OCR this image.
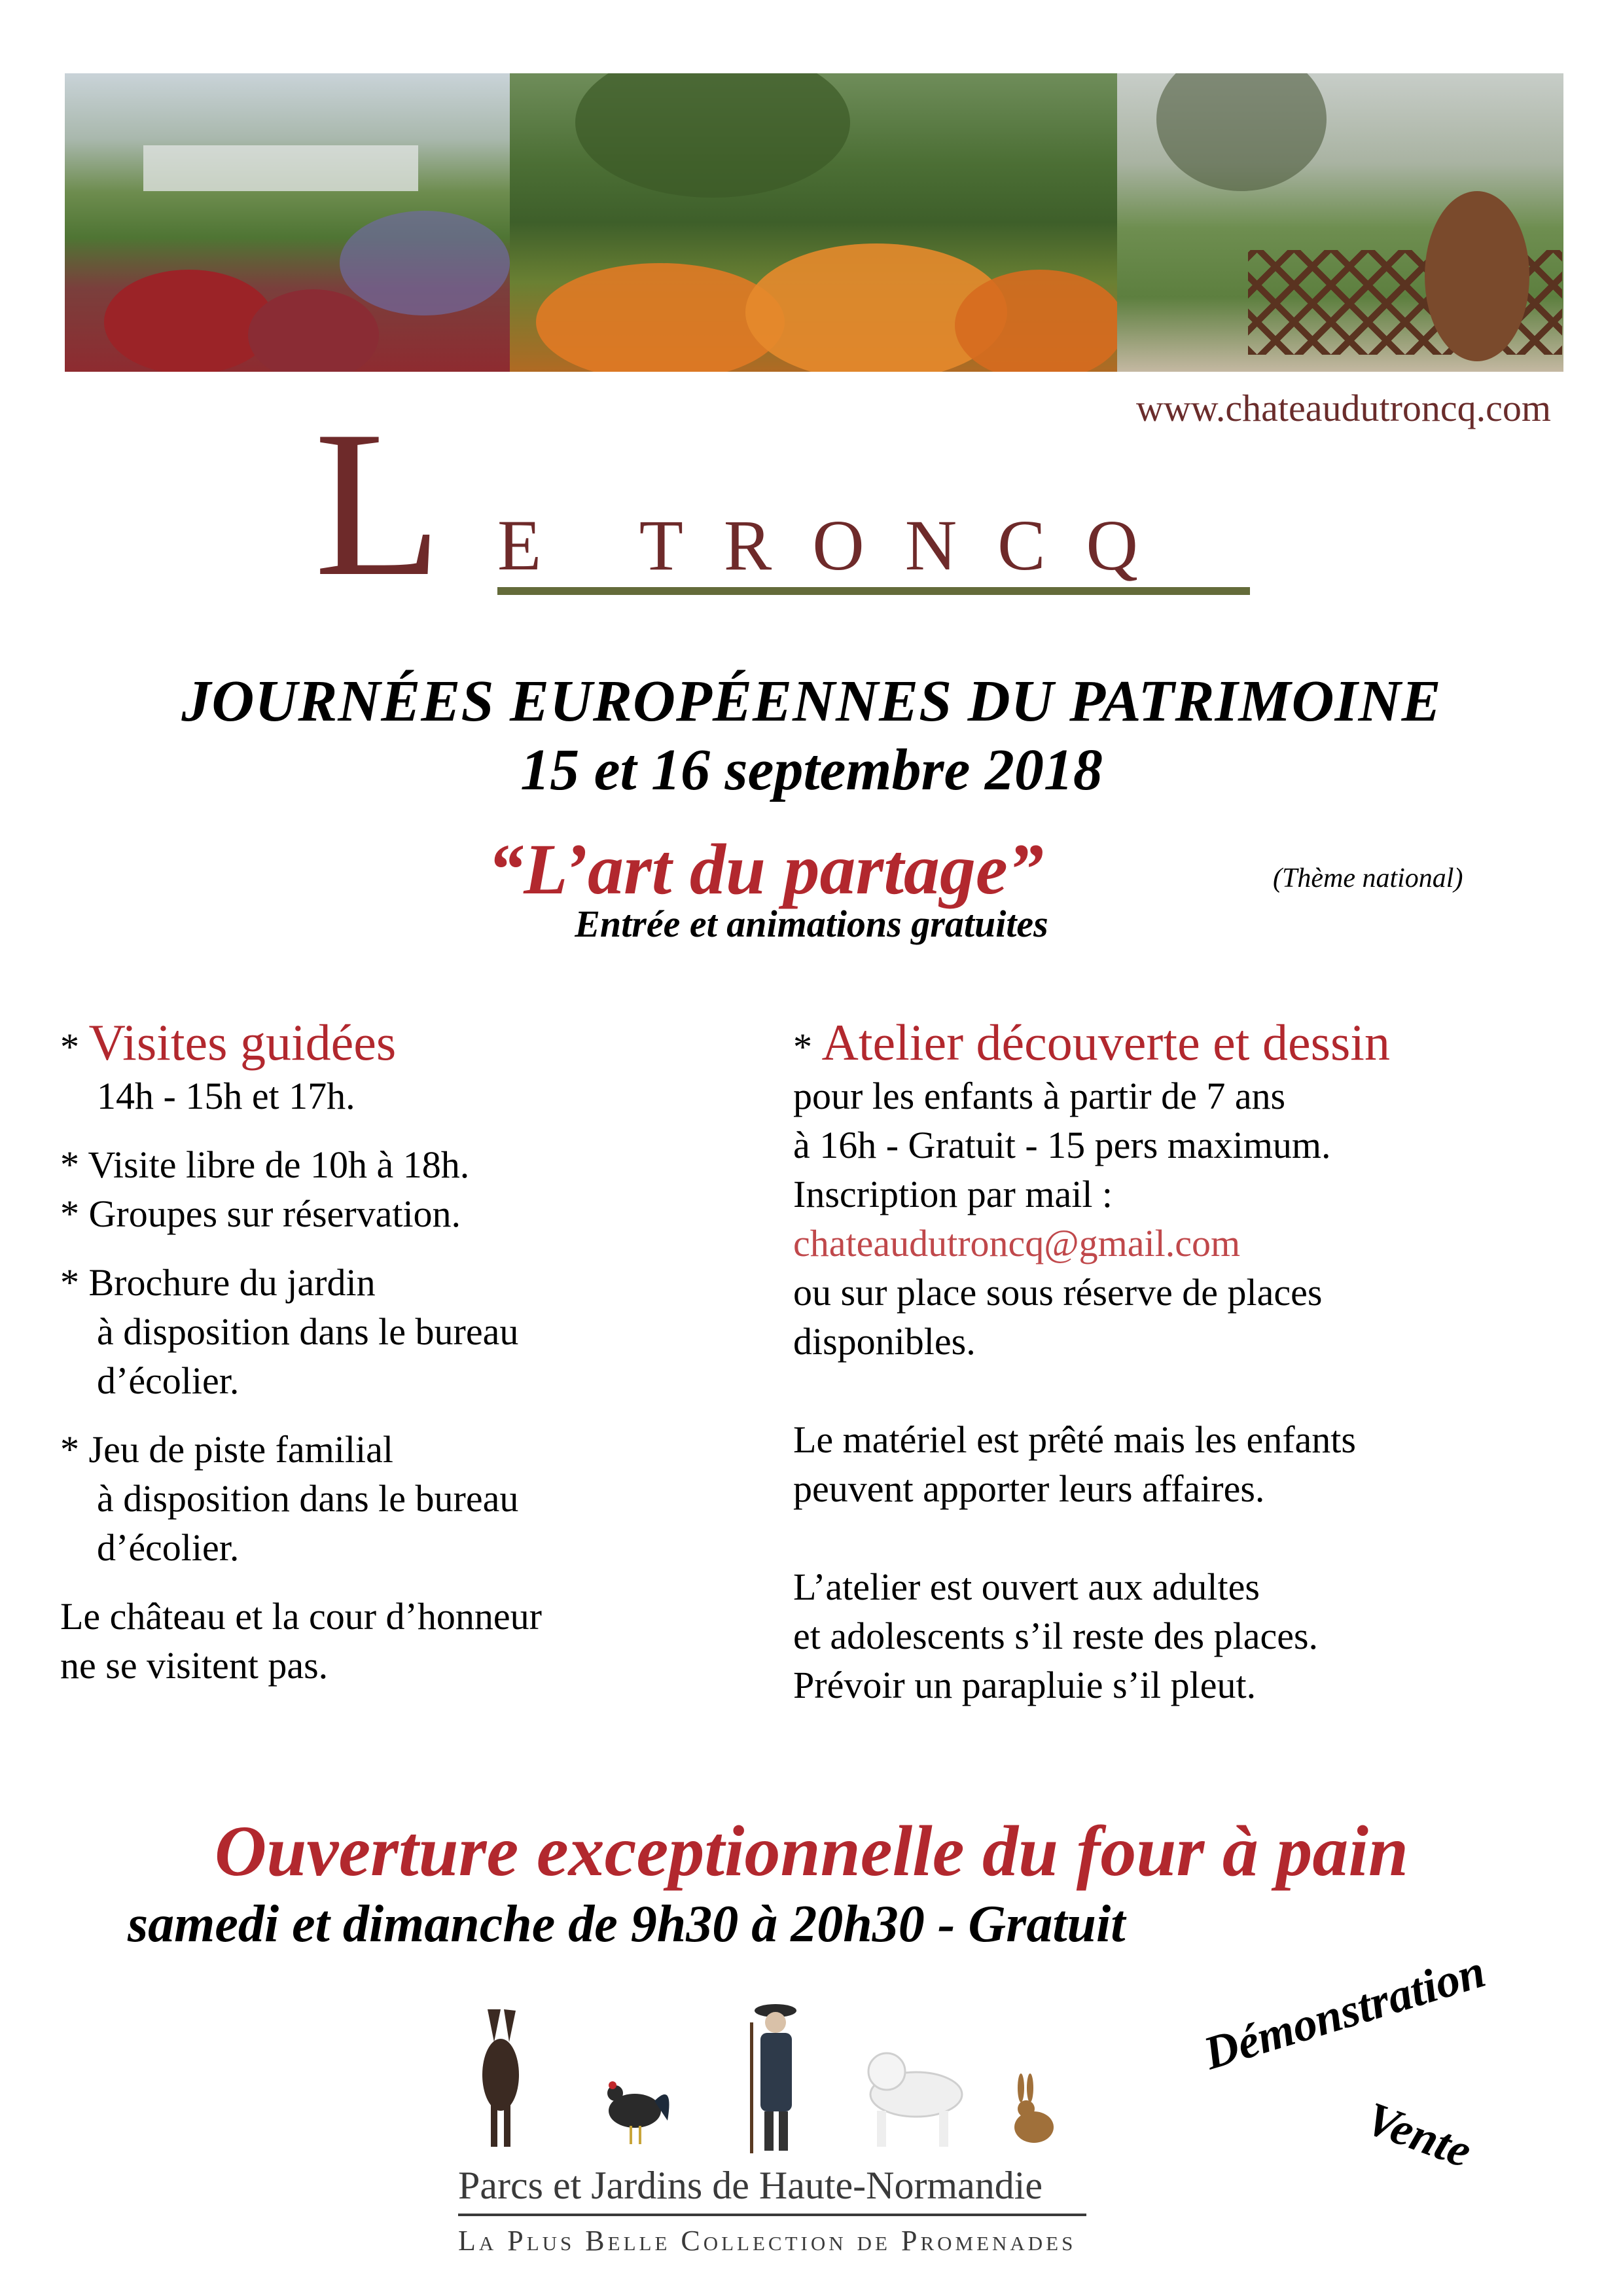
www.chateaudutroncq.com
L E TRONCQ
JOURNÉES EUROPÉENNES DU PATRIMOINE
15 et 16 septembre 2018
“L’art du partage”	(Thème national)
Entrée et animations gratuites
* Visites guidées
14h - 15h et 17h.
* Visite libre de 10h à 18h.
* Groupes sur réservation.
* Brochure du jardin
à disposition dans le bureau
d’écolier.
* Jeu de piste familial
à disposition dans le bureau
d’écolier.
Le château et la cour d’honneur
ne se visitent pas.
* Atelier découverte et dessin
pour les enfants à partir de 7 ans
à 16h - Gratuit - 15 pers maximum.
Inscription par mail :
chateaudutroncq@gmail.com
ou sur place sous réserve de places
disponibles.
Le matériel est prêté mais les enfants
peuvent apporter leurs affaires.
L’atelier est ouvert aux adultes
et adolescents s’il reste des places.
Prévoir un parapluie s’il pleut.
Ouverture exceptionnelle du four à pain
samedi et dimanche de 9h30 à 20h30 - Gratuit
Démonstration
Vente
Parcs et Jardins de Haute-Normandie
La Plus Belle Collection de Promenades
